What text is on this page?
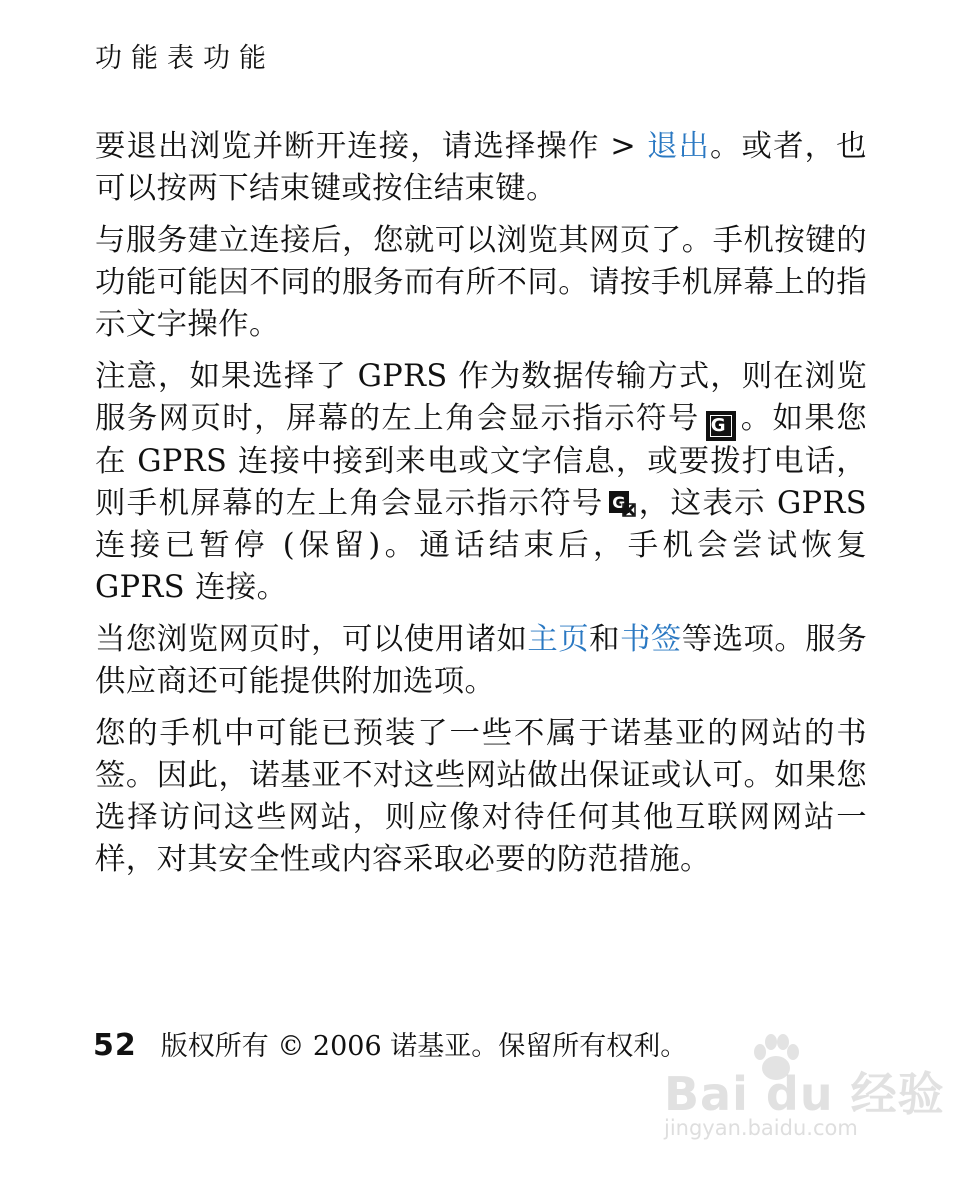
功能表功能

要退出浏览并断开连接，请选择操作 > 退出。或者，也可以按两下结束键或按住结束键。

与服务建立连接后，您就可以浏览其网页了。手机按键的功能可能因不同的服务而有所不同。请按手机屏幕上的指示文字操作。

注意，如果选择了 GPRS 作为数据传输方式，则在浏览服务网页时，屏幕的左上角会显示指示符号 G 。如果您在 GPRS 连接中接到来电或文字信息，或要拨打电话，则手机屏幕的左上角会显示指示符号 G ，这表示 GPRS 连接已暂停 (保留)。通话结束后，手机会尝试恢复 GPRS 连接。

当您浏览网页时，可以使用诸如主页和书签等选项。服务供应商还可能提供附加选项。

您的手机中可能已预装了一些不属于诺基亚的网站的书签。因此，诺基亚不对这些网站做出保证或认可。如果您选择访问这些网站，则应像对待任何其他互联网网站一样，对其安全性或内容采取必要的防范措施。

52 版权所有 © 2006 诺基亚。保留所有权利。
Bai du 经验
jingyan.baidu.com
